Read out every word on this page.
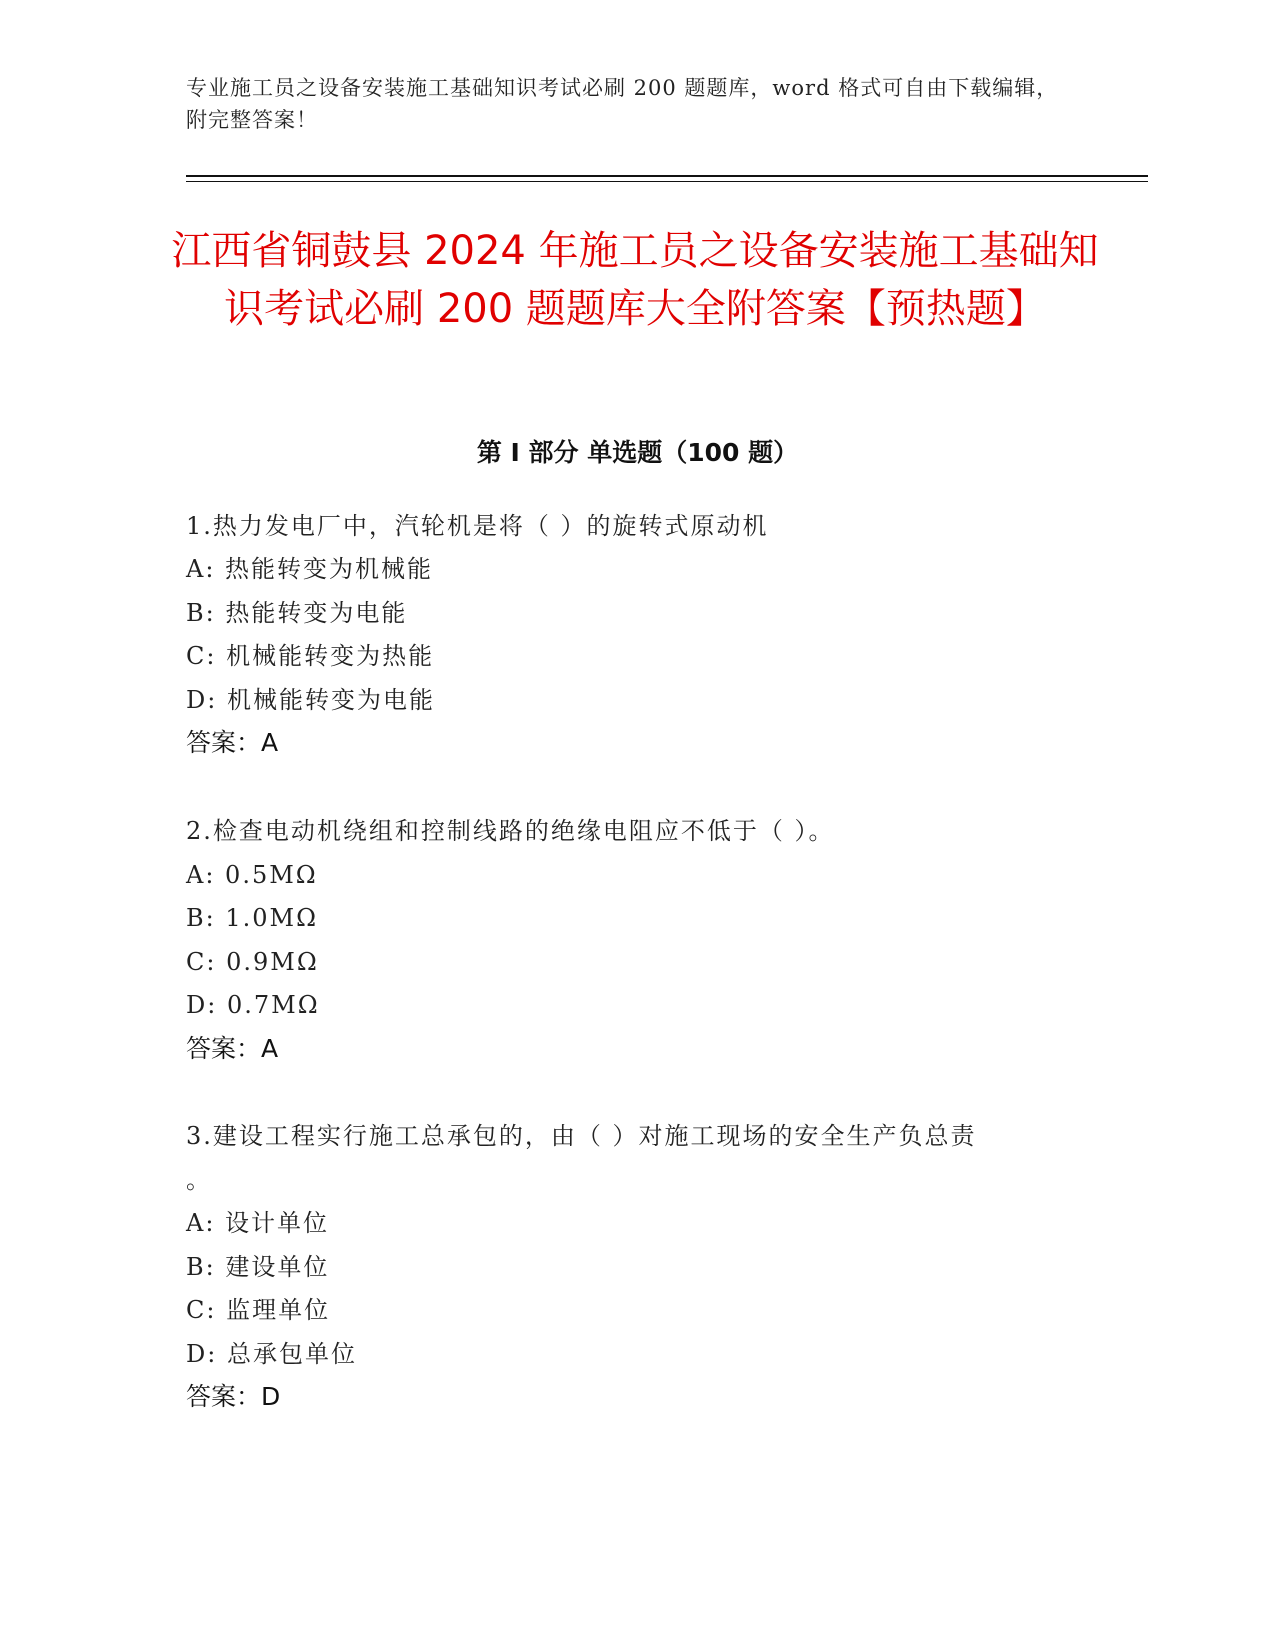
专业施工员之设备安装施工基础知识考试必刷 200 题题库，word 格式可自由下载编辑，附完整答案！
江西省铜鼓县 2024 年施工员之设备安装施工基础知识考试必刷 200 题题库大全附答案【预热题】
第 I 部分 单选题（100 题）
1.热力发电厂中，汽轮机是将（ ）的旋转式原动机
A: 热能转变为机械能
B: 热能转变为电能
C: 机械能转变为热能
D: 机械能转变为电能
答案：A
2.检查电动机绕组和控制线路的绝缘电阻应不低于（ ）。
A: 0.5MΩ
B: 1.0MΩ
C: 0.9MΩ
D: 0.7MΩ
答案：A
3.建设工程实行施工总承包的，由（ ）对施工现场的安全生产负总责
。
A: 设计单位
B: 建设单位
C: 监理单位
D: 总承包单位
答案：D
